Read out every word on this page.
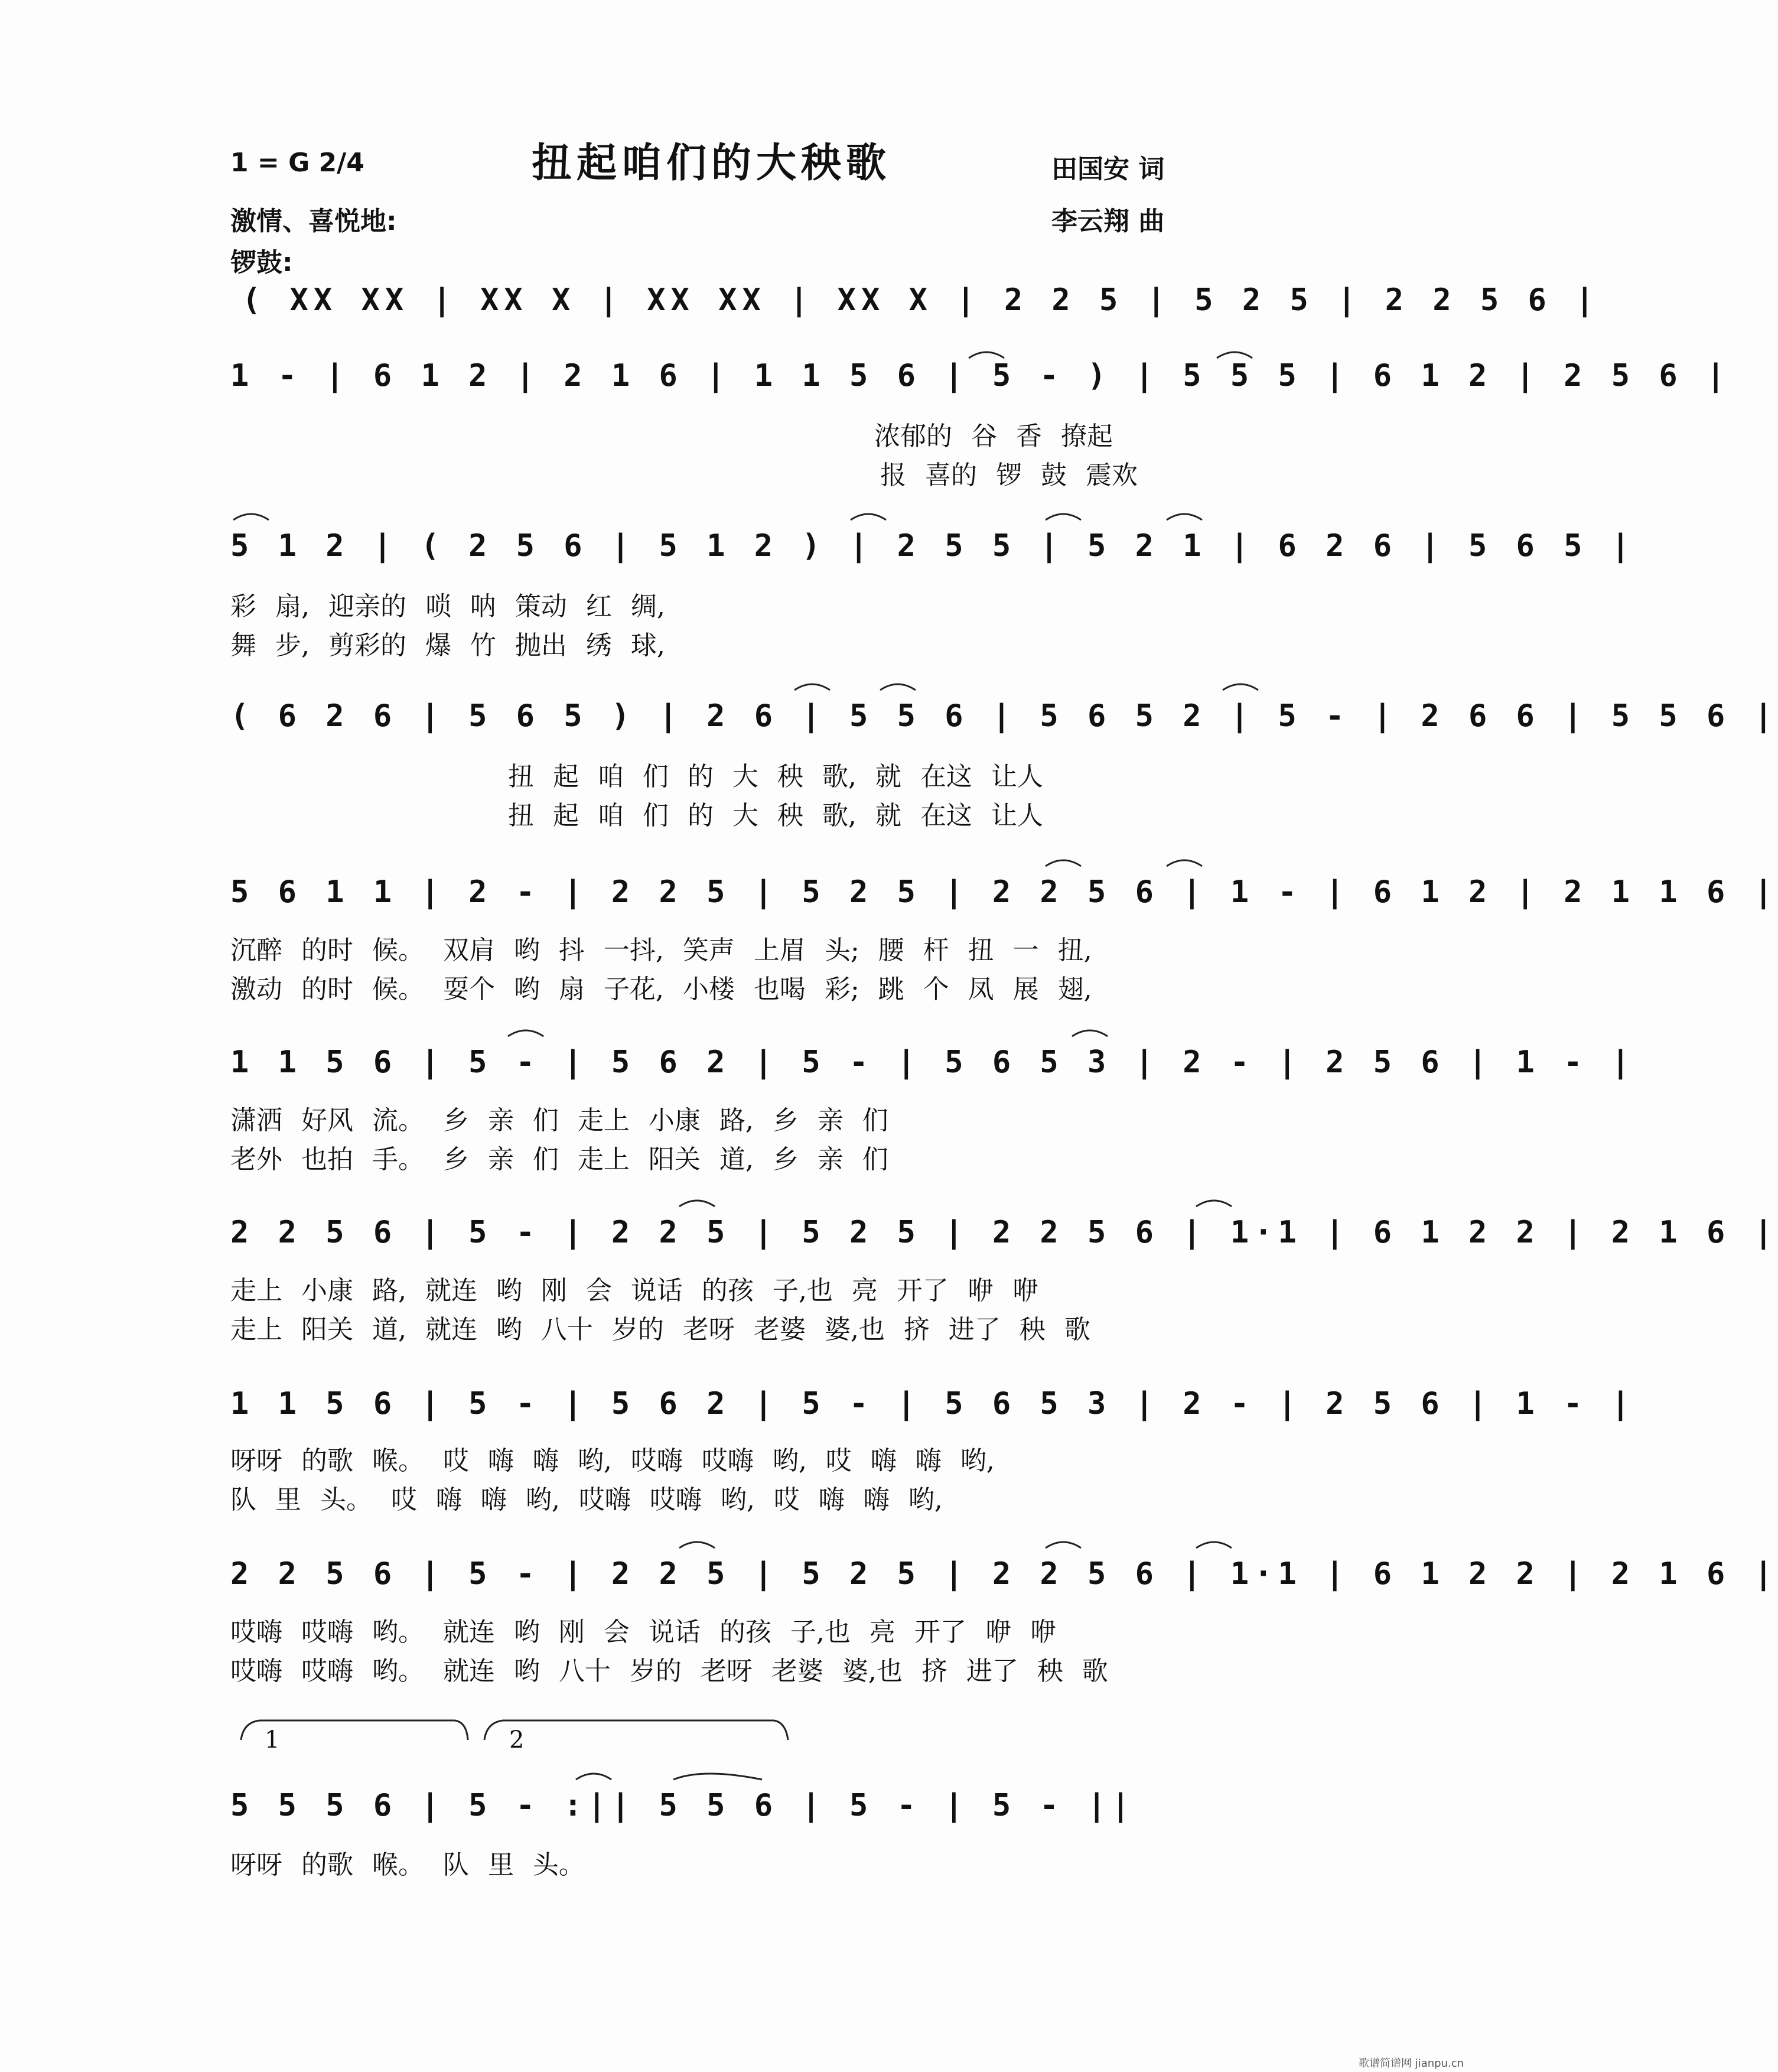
1 = G 2/4	扭起咱们的大秧歌	田国安 词
激情、喜悦地:	李云翔 曲
锣鼓:
( XX XX | XX X | XX XX | XX X | 2 2 5 | 5 2 5 | 2 2 5 6 |
1 - | 6 1 2 | 2 1 6 | 1 1 5 6 | 5 - ) | 5 5 5 | 6 1 2 | 2 5 6 |
浓郁的 谷 香 撩起
报 喜的 锣 鼓 震欢
5 1 2 | ( 2 5 6 | 5 1 2 ) | 2 5 5 | 5 2 1 | 6 2 6 | 5 6 5 |
彩 扇, 迎亲的 唢 呐 策动 红 绸,
舞 步, 剪彩的 爆 竹 抛出 绣 球,
( 6 2 6 | 5 6 5 ) | 2 6 | 5 5 6 | 5 6 5 2 | 5 - | 2 6 6 | 5 5 6 |
扭 起 咱 们 的 大 秧 歌, 就 在这 让人
扭 起 咱 们 的 大 秧 歌, 就 在这 让人
5 6 1 1 | 2 - | 2 2 5 | 5 2 5 | 2 2 5 6 | 1 - | 6 1 2 | 2 1 1 6 |
沉醉 的时 候。 双肩 哟 抖 一抖, 笑声 上眉 头; 腰 杆 扭 一 扭,
激动 的时 候。 耍个 哟 扇 子花, 小楼 也喝 彩; 跳 个 凤 展 翅,
1 1 5 6 | 5 - | 5 6 2 | 5 - | 5 6 5 3 | 2 - | 2 5 6 | 1 - |
潇洒 好风 流。 乡 亲 们 走上 小康 路, 乡 亲 们
老外 也拍 手。 乡 亲 们 走上 阳关 道, 乡 亲 们
2 2 5 6 | 5 - | 2 2 5 | 5 2 5 | 2 2 5 6 | 1·1 | 6 1 2 2 | 2 1 6 |
走上 小康 路, 就连 哟 刚 会 说话 的孩 子,也 亮 开了 咿 咿
走上 阳关 道, 就连 哟 八十 岁的 老呀 老婆 婆,也 挤 进了 秧 歌
1 1 5 6 | 5 - | 5 6 2 | 5 - | 5 6 5 3 | 2 - | 2 5 6 | 1 - |
呀呀 的歌 喉。 哎 嗨 嗨 哟, 哎嗨 哎嗨 哟, 哎 嗨 嗨 哟,
队 里 头。 哎 嗨 嗨 哟, 哎嗨 哎嗨 哟, 哎 嗨 嗨 哟,
2 2 5 6 | 5 - | 2 2 5 | 5 2 5 | 2 2 5 6 | 1·1 | 6 1 2 2 | 2 1 6 |
哎嗨 哎嗨 哟。 就连 哟 刚 会 说话 的孩 子,也 亮 开了 咿 咿
哎嗨 哎嗨 哟。 就连 哟 八十 岁的 老呀 老婆 婆,也 挤 进了 秧 歌
1	2
5 5 5 6 | 5 - :|| 5 5 6 | 5 - | 5 - ||
呀呀 的歌 喉。 队 里 头。
歌谱简谱网 jianpu.cn
